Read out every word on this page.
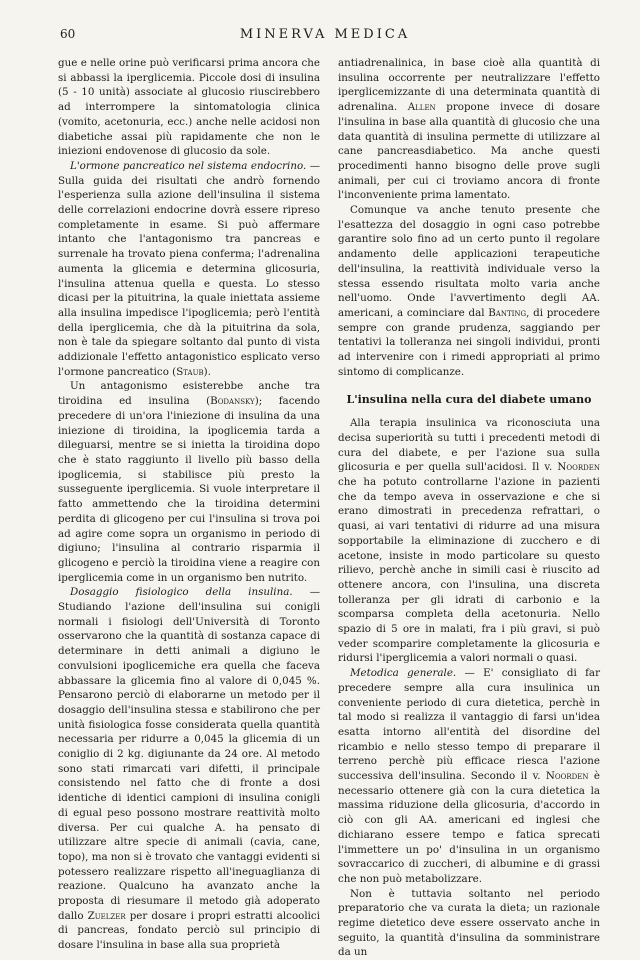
60	MINERVA MEDICA

gue e nelle orine può verificarsi prima ancora che si abbassi la iperglicemia. Piccole dosi di insulina (5 - 10 unità) associate al glucosio riuscirebbero ad interrompere la sintomatologia clinica (vomito, acetonuria, ecc.) anche nelle acidosi non diabetiche assai più rapidamente che non le iniezioni endovenose di glucosio da sole.

L'ormone pancreatico nel sistema endocrino. — Sulla guida dei risultati che andrò fornendo l'esperienza sulla azione dell'insulina il sistema delle correlazioni endocrine dovrà essere ripreso completamente in esame. Si può affermare intanto che l'antagonismo tra pancreas e surrenale ha trovato piena conferma; l'adrenalina aumenta la glicemia e determina glicosuria, l'insulina attenua quella e questa. Lo stesso dicasi per la pituitrina, la quale iniettata assieme alla insulina impedisce l'ipoglicemia; però l'entità della iperglicemia, che dà la pituitrina da sola, non è tale da spiegare soltanto dal punto di vista addizionale l'effetto antagonistico esplicato verso l'ormone pancreatico (Staub).

Un antagonismo esisterebbe anche tra tiroidina ed insulina (Bodansky); facendo precedere di un'ora l'iniezione di insulina da una iniezione di tiroidina, la ipoglicemia tarda a dileguarsi, mentre se si inietta la tiroidina dopo che è stato raggiunto il livello più basso della ipoglicemia, si stabilisce più presto la susseguente iperglicemia. Si vuole interpretare il fatto ammettendo che la tiroidina determini perdita di glicogeno per cui l'insulina si trova poi ad agire come sopra un organismo in periodo di digiuno; l'insulina al contrario risparmia il glicogeno e perciò la tiroidina viene a reagire con iperglicemia come in un organismo ben nutrito.

Dosaggio fisiologico della insulina. — Studiando l'azione dell'insulina sui conigli normali i fisiologi dell'Università di Toronto osservarono che la quantità di sostanza capace di determinare in detti animali a digiuno le convulsioni ipoglicemiche era quella che faceva abbassare la glicemia fino al valore di 0,045 %. Pensarono perciò di elaborarne un metodo per il dosaggio dell'insulina stessa e stabilirono che per unità fisiologica fosse considerata quella quantità necessaria per ridurre a 0,045 la glicemia di un coniglio di 2 kg. digiunante da 24 ore. Al metodo sono stati rimarcati vari difetti, il principale consistendo nel fatto che di fronte a dosi identiche di identici campioni di insulina conigli di egual peso possono mostrare reattività molto diversa. Per cui qualche A. ha pensato di utilizzare altre specie di animali (cavia, cane, topo), ma non si è trovato che vantaggi evidenti si potessero realizzare rispetto all'ineguaglianza di reazione. Qualcuno ha avanzato anche la proposta di riesumare il metodo già adoperato dallo Zuelzer per dosare i propri estratti alcoolici di pancreas, fondato perciò sul principio di dosare l'insulina in base alla sua proprietà

antiadrenalinica, in base cioè alla quantità di insulina occorrente per neutralizzare l'effetto iperglicemizzante di una determinata quantità di adrenalina. Allen propone invece di dosare l'insulina in base alla quantità di glucosio che una data quantità di insulina permette di utilizzare al cane pancreasdiabetico. Ma anche questi procedimenti hanno bisogno delle prove sugli animali, per cui ci troviamo ancora di fronte l'inconveniente prima lamentato.

Comunque va anche tenuto presente che l'esattezza del dosaggio in ogni caso potrebbe garantire solo fino ad un certo punto il regolare andamento delle applicazioni terapeutiche dell'insulina, la reattività individuale verso la stessa essendo risultata molto varia anche nell'uomo. Onde l'avvertimento degli AA. americani, a cominciare dal Banting, di procedere sempre con grande prudenza, saggiando per tentativi la tolleranza nei singoli individui, pronti ad intervenire con i rimedi appropriati al primo sintomo di complicanze.

L'insulina nella cura del diabete umano

Alla terapia insulinica va riconosciuta una decisa superiorità su tutti i precedenti metodi di cura del diabete, e per l'azione sua sulla glicosuria e per quella sull'acidosi. Il v. Noorden che ha potuto controllarne l'azione in pazienti che da tempo aveva in osservazione e che si erano dimostrati in precedenza refrattari, o quasi, ai vari tentativi di ridurre ad una misura sopportabile la eliminazione di zucchero e di acetone, insiste in modo particolare su questo rilievo, perchè anche in simili casi è riuscito ad ottenere ancora, con l'insulina, una discreta tolleranza per gli idrati di carbonio e la scomparsa completa della acetonuria. Nello spazio di 5 ore in malati, fra i più gravi, si può veder scomparire completamente la glicosuria e ridursi l'iperglicemia a valori normali o quasi.

Metodica generale. — E' consigliato di far precedere sempre alla cura insulinica un conveniente periodo di cura dietetica, perchè in tal modo si realizza il vantaggio di farsi un'idea esatta intorno all'entità del disordine del ricambio e nello stesso tempo di preparare il terreno perchè più efficace riesca l'azione successiva dell'insulina. Secondo il v. Noorden è necessario ottenere già con la cura dietetica la massima riduzione della glicosuria, d'accordo in ciò con gli AA. americani ed inglesi che dichiarano essere tempo e fatica sprecati l'immettere un po' d'insulina in un organismo sovraccarico di zuccheri, di albumine e di grassi che non può metabolizzare.

Non è tuttavia soltanto nel periodo preparatorio che va curata la dieta; un razionale regime dietetico deve essere osservato anche in seguito, la quantità d'insulina da somministrare da un
